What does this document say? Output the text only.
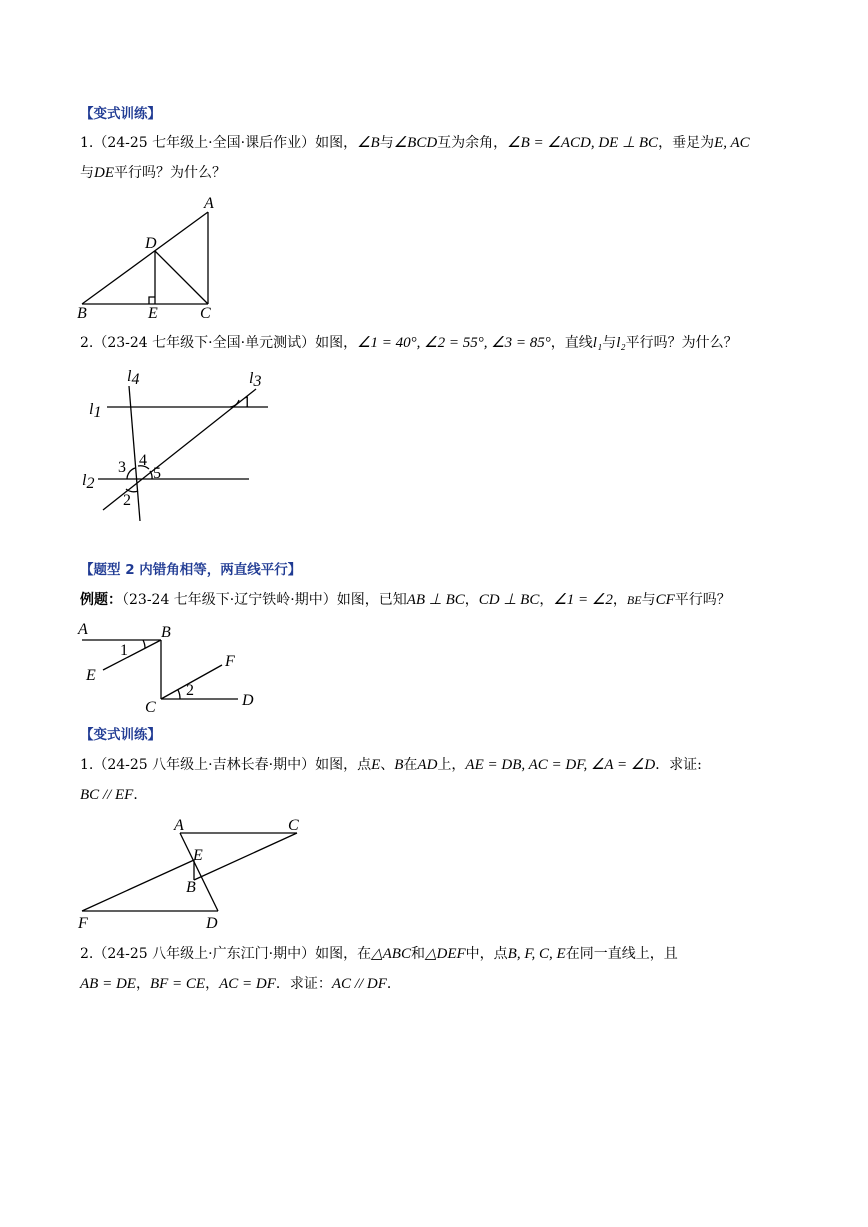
【变式训练】
1.（24-25 七年级上·全国·课后作业）如图，∠B与∠BCD互为余角，∠B = ∠ACD, DE ⊥ BC，垂足为E, AC
与DE平行吗？为什么？
A
B	C
D
E
2.（23-24 七年级下·全国·单元测试）如图，∠1 = 40°, ∠2 = 55°, ∠3 = 85°，直线l₁与l₂平行吗？为什么？
l1
l2
l3
l4
1
2
3 4
5
【题型 2 内错角相等，两直线平行】
例题：（23-24 七年级下·辽宁铁岭·期中）如图，已知AB ⊥ BC，CD ⊥ BC，∠1 = ∠2，BE与CF平行吗？
A	B
C	D
E
F
1
2
【变式训练】
1.（24-25 八年级上·吉林长春·期中）如图，点E、B在AD上，AE = DB, AC = DF, ∠A = ∠D．求证:
BC // EF．
A	C
E
B
F	D
2.（24-25 八年级上·广东江门·期中）如图，在△ABC和△DEF中，点B, F, C, E在同一直线上，且
AB = DE，BF = CE，AC = DF．求证：AC // DF．
